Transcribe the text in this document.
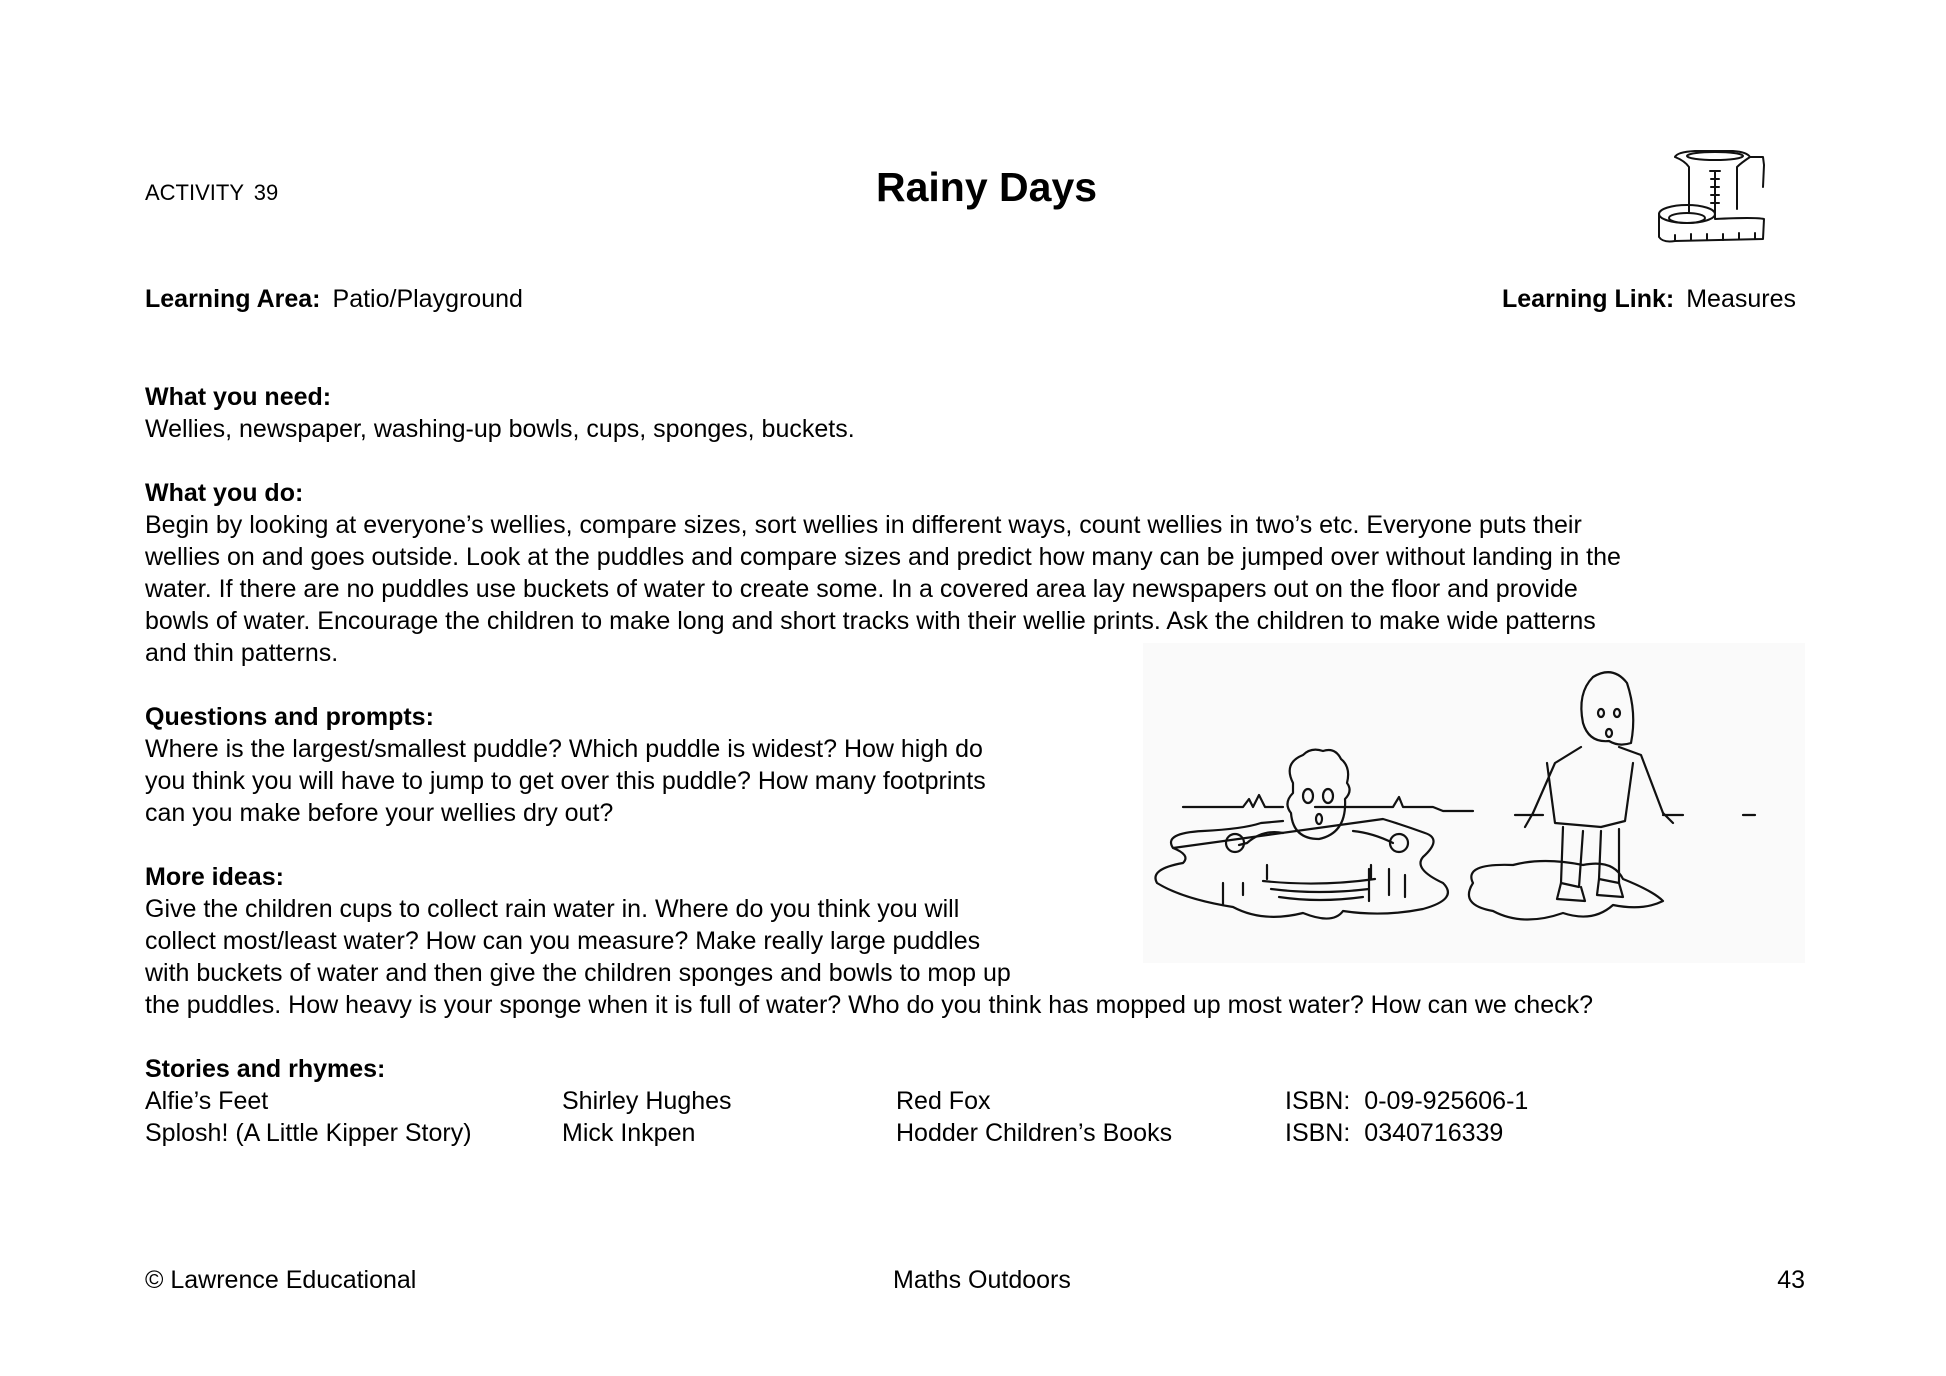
ACTIVITY 39	Rainy Days
Learning Area: Patio/Playground	Learning Link: Measures
What you need:
Wellies, newspaper, washing-up bowls, cups, sponges, buckets.
What you do:
Begin by looking at everyone’s wellies, compare sizes, sort wellies in different ways, count wellies in two’s etc. Everyone puts their
wellies on and goes outside. Look at the puddles and compare sizes and predict how many can be jumped over without landing in the
water. If there are no puddles use buckets of water to create some. In a covered area lay newspapers out on the floor and provide
bowls of water. Encourage the children to make long and short tracks with their wellie prints. Ask the children to make wide patterns
and thin patterns.
Questions and prompts:
Where is the largest/smallest puddle? Which puddle is widest? How high do
you think you will have to jump to get over this puddle? How many footprints
can you make before your wellies dry out?
More ideas:
Give the children cups to collect rain water in. Where do you think you will
collect most/least water? How can you measure? Make really large puddles
with buckets of water and then give the children sponges and bowls to mop up
the puddles. How heavy is your sponge when it is full of water? Who do you think has mopped up most water? How can we check?
Stories and rhymes:
Alfie’s Feet	Shirley Hughes	Red Fox	ISBN: 0-09-925606-1
Splosh! (A Little Kipper Story)	Mick Inkpen	Hodder Children’s Books	ISBN: 0340716339
© Lawrence Educational	Maths Outdoors	43
